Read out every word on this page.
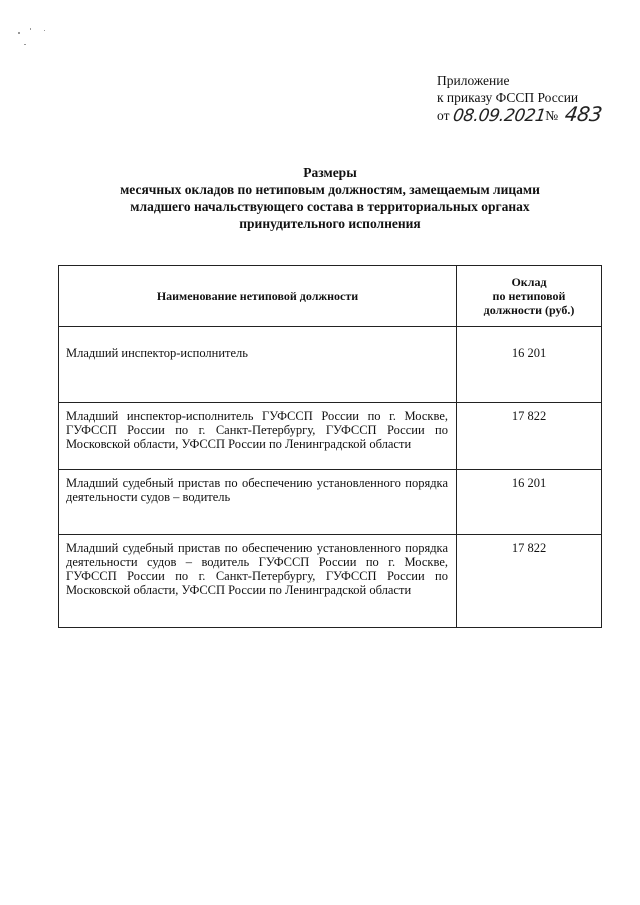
Приложение
к приказу ФССП России
от 08.09.2021№ 483
Размеры
месячных окладов по нетиповым должностям, замещаемым лицами
младшего начальствующего состава в территориальных органах
принудительного исполнения
Наименование нетиповой должности	Оклад
по нетиповой
должности (руб.)

Младший инспектор-исполнитель	16 201
Младший инспектор-исполнитель ГУФССП России по г. Москве, ГУФССП России по г. Санкт-Петербургу, ГУФССП России по Московской области, УФССП России по Ленинградской области	17 822
Младший судебный пристав по обеспечению установленного порядка деятельности судов – водитель	16 201
Младший судебный пристав по обеспечению установленного порядка деятельности судов – водитель ГУФССП России по г. Москве, ГУФССП России по г. Санкт-Петербургу, ГУФССП России по Московской области, УФССП России по Ленинградской области	17 822
